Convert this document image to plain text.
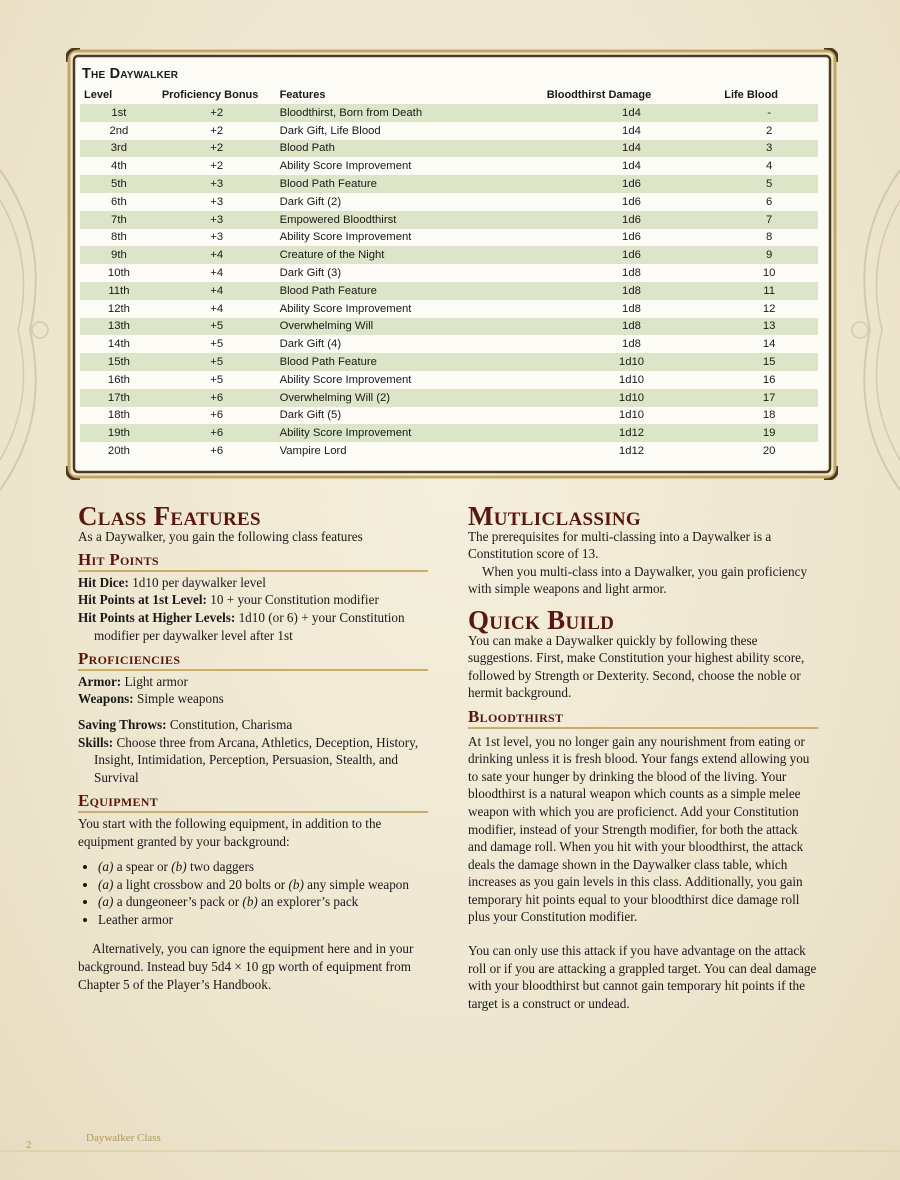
The Daywalker
Level	Proficiency Bonus	Features	Bloodthirst Damage	Life Blood
1st	+2	Bloodthirst, Born from Death	1d4	-
2nd	+2	Dark Gift, Life Blood	1d4	2
3rd	+2	Blood Path	1d4	3
4th	+2	Ability Score Improvement	1d4	4
5th	+3	Blood Path Feature	1d6	5
6th	+3	Dark Gift (2)	1d6	6
7th	+3	Empowered Bloodthirst	1d6	7
8th	+3	Ability Score Improvement	1d6	8
9th	+4	Creature of the Night	1d6	9
10th	+4	Dark Gift (3)	1d8	10
11th	+4	Blood Path Feature	1d8	11
12th	+4	Ability Score Improvement	1d8	12
13th	+5	Overwhelming Will	1d8	13
14th	+5	Dark Gift (4)	1d8	14
15th	+5	Blood Path Feature	1d10	15
16th	+5	Ability Score Improvement	1d10	16
17th	+6	Overwhelming Will (2)	1d10	17
18th	+6	Dark Gift (5)	1d10	18
19th	+6	Ability Score Improvement	1d12	19
20th	+6	Vampire Lord	1d12	20
Class Features

As a Daywalker, you gain the following class features

Hit Points

Hit Dice: 1d10 per daywalker level

Hit Points at 1st Level: 10 + your Constitution modifier

Hit Points at Higher Levels: 1d10 (or 6) + your Constitution modifier per daywalker level after 1st

Proficiencies

Armor: Light armor

Weapons: Simple weapons

Saving Throws: Constitution, Charisma

Skills: Choose three from Arcana, Athletics, Deception, History, Insight, Intimidation, Perception, Persuasion, Stealth, and Survival

Equipment

You start with the following equipment, in addition to the equipment granted by your background:

• (a) a spear or (b) two daggers
• (a) a light crossbow and 20 bolts or (b) any simple weapon
• (a) a dungeoneer’s pack or (b) an explorer’s pack
• Leather armor

Alternatively, you can ignore the equipment here and in your background. Instead buy 5d4 × 10 gp worth of equipment from Chapter 5 of the Player’s Handbook.

Mutliclassing

The prerequisites for multi-classing into a Daywalker is a Constitution score of 13.

When you multi-class into a Daywalker, you gain proficiency with simple weapons and light armor.

Quick Build

You can make a Daywalker quickly by following these suggestions. First, make Constitution your highest ability score, followed by Strength or Dexterity. Second, choose the noble or hermit background.

Bloodthirst

At 1st level, you no longer gain any nourishment from eating or drinking unless it is fresh blood. Your fangs extend allowing you to sate your hunger by drinking the blood of the living. Your bloodthirst is a natural weapon which counts as a simple melee weapon with which you are proficienct. Add your Constitution modifier, instead of your Strength modifier, for both the attack and damage roll. When you hit with your bloodthirst, the attack deals the damage shown in the Daywalker class table, which increases as you gain levels in this class. Additionally, you gain temporary hit points equal to your bloodthirst dice damage roll plus your Constitution modifier.

You can only use this attack if you have advantage on the attack roll or if you are attacking a grappled target. You can deal damage with your bloodthirst but cannot gain temporary hit points if the target is a construct or undead.

2
Daywalker Class
